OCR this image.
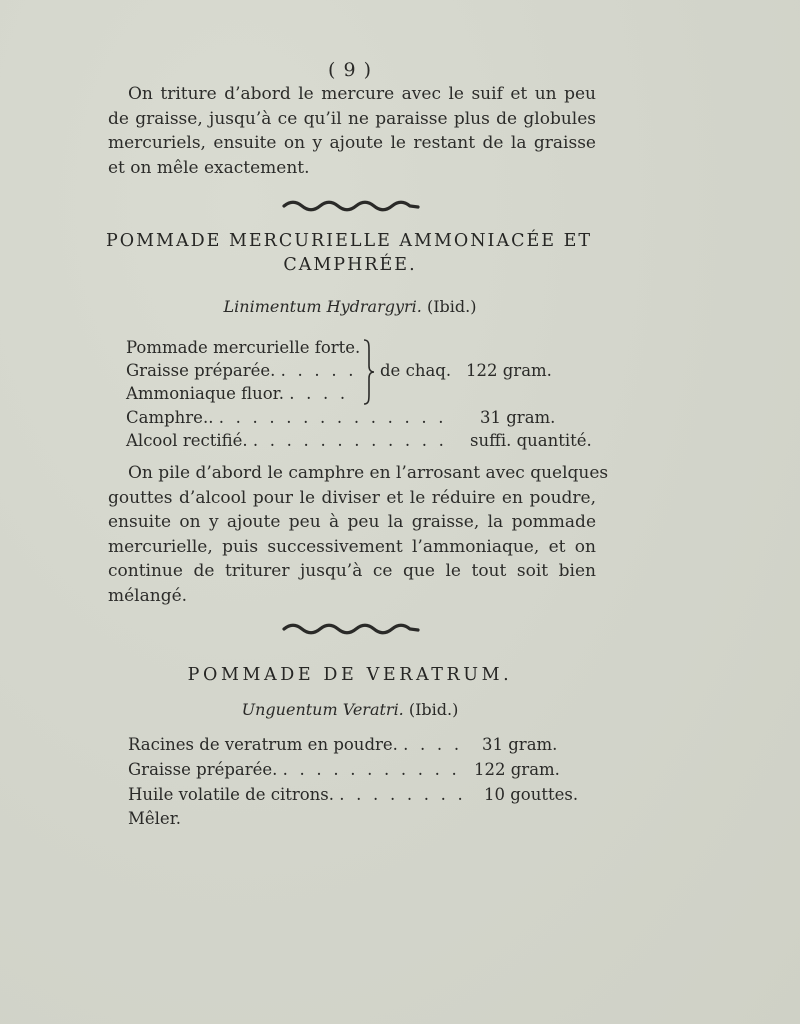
( 9 )
On triture d’abord le mercure avec le suif et un peu
de graisse, jusqu’à ce qu’il ne paraisse plus de globules
mercuriels, ensuite on y ajoute le restant de la graisse
et on mêle exactement.
POMMADE MERCURIELLE AMMONIACÉE ET
CAMPHRÉE.
Linimentum Hydrargyri. (Ibid.)
Pommade mercurielle forte.
Graisse préparée. . . . . .
Ammoniaque fluor. . . . .
de chaq. 122 gram.
Camphre.. . . . . . . . . . . . . . . 31 gram.
Alcool rectifié. . . . . . . . . . . . . suffi. quantité.
On pile d’abord le camphre en l’arrosant avec quelques
gouttes d’alcool pour le diviser et le réduire en poudre,
ensuite on y ajoute peu à peu la graisse, la pommade
mercurielle, puis successivement l’ammoniaque, et on
continue de triturer jusqu’à ce que le tout soit bien
mélangé.
POMMADE DE VERATRUM.
Unguentum Veratri. (Ibid.)
Racines de veratrum en poudre. . . . . 31 gram.
Graisse préparée. . . . . . . . . . . . 122 gram.
Huile volatile de citrons. . . . . . . . . 10 gouttes.
Mêler.
